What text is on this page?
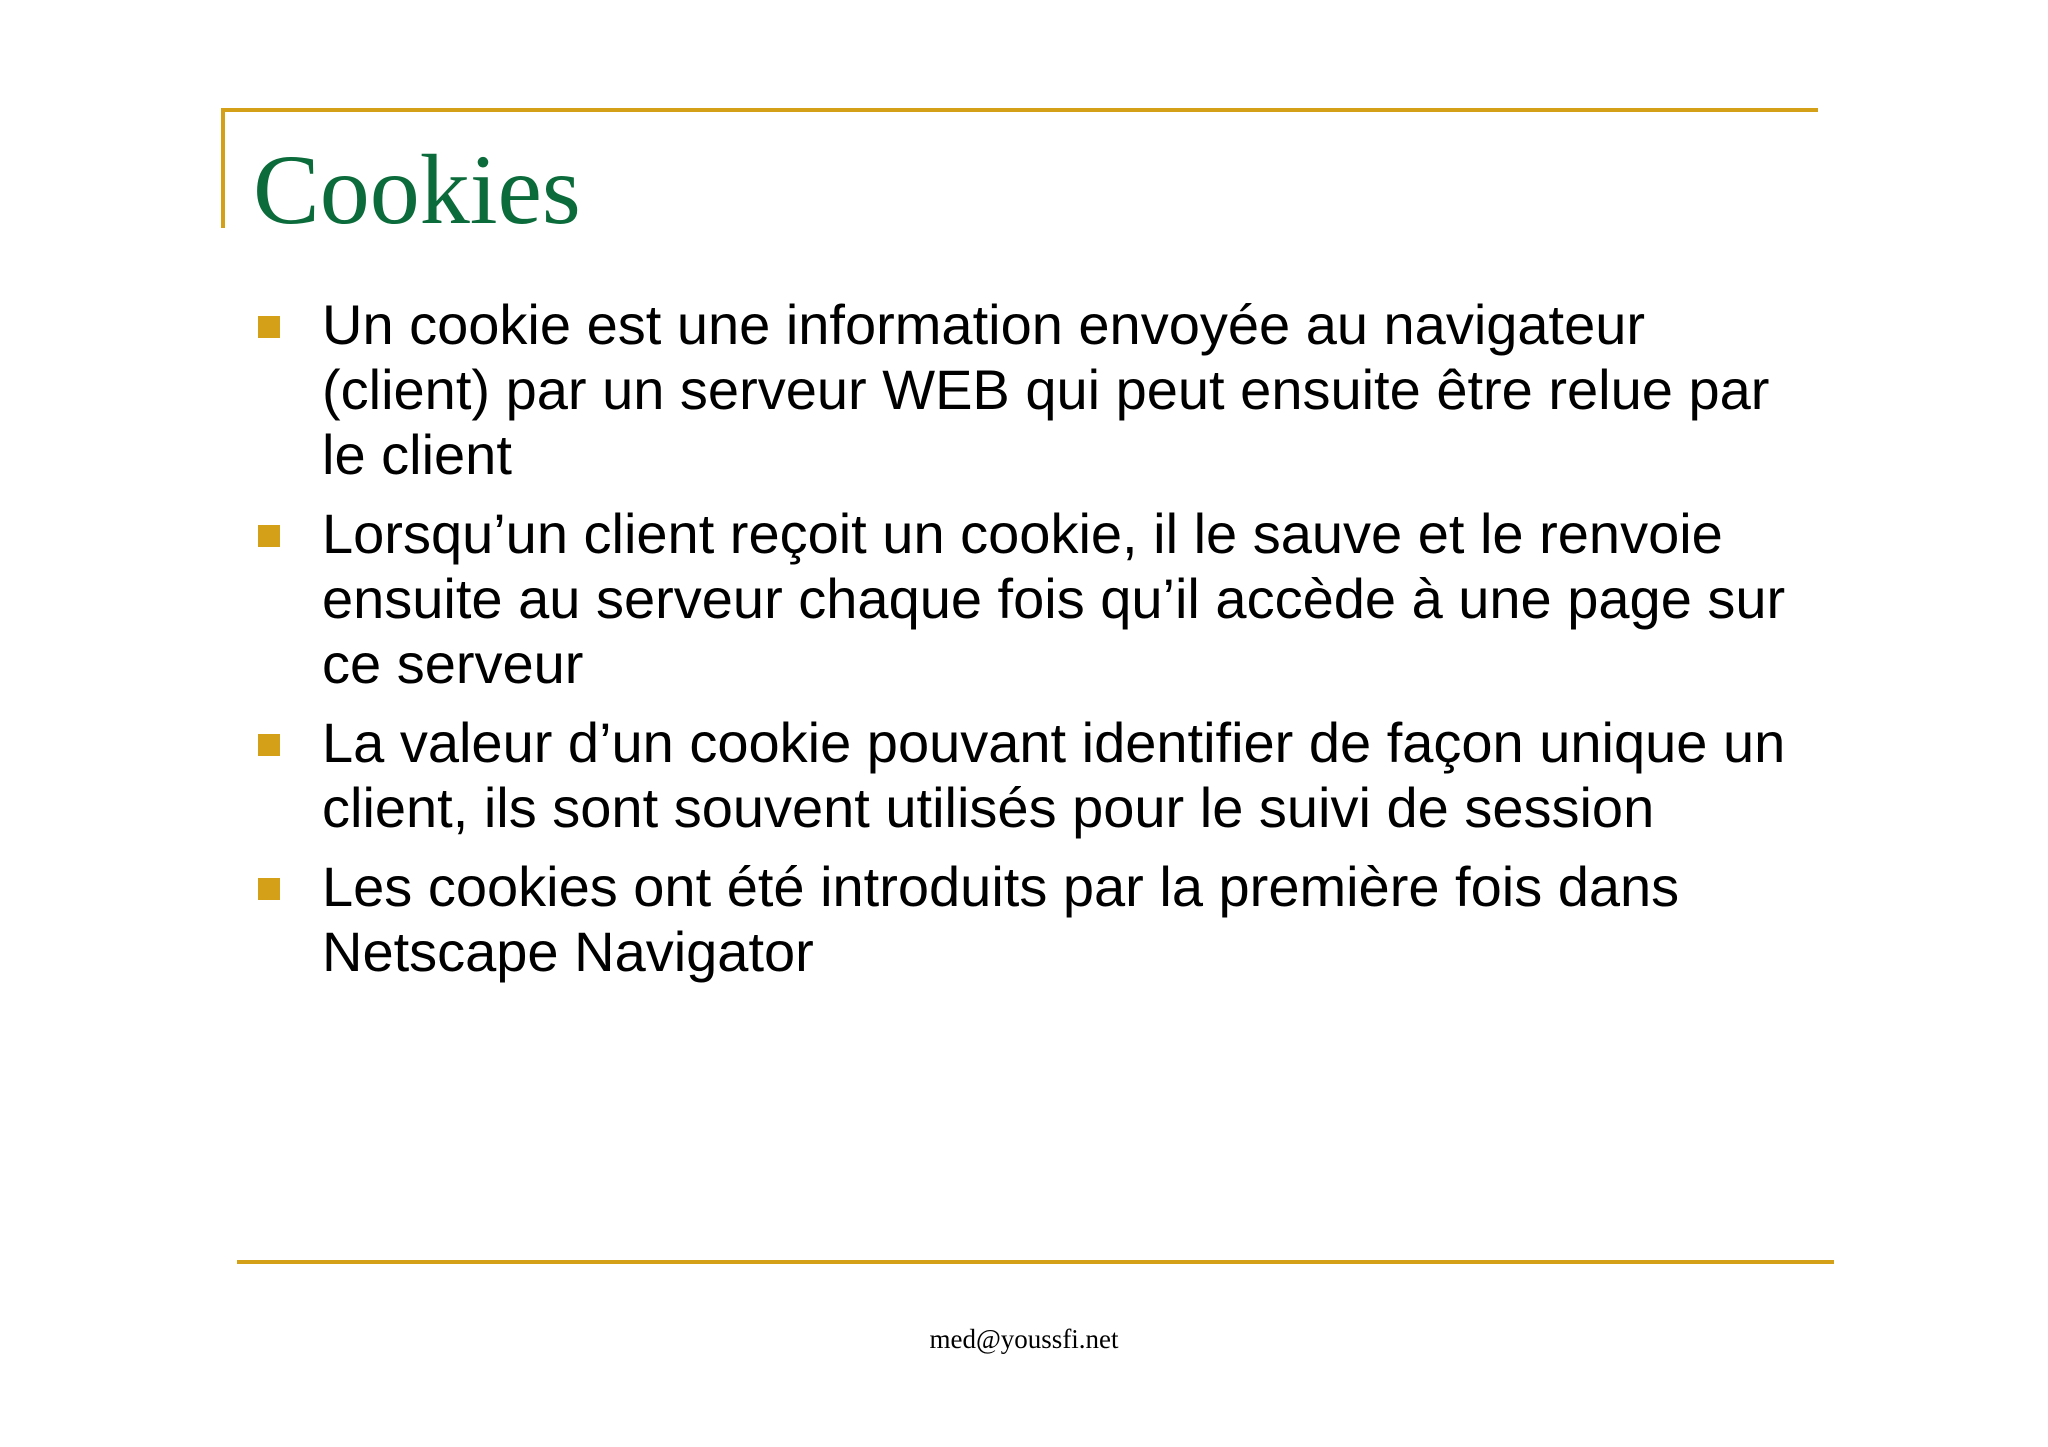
Cookies
Un cookie est une information envoyée au navigateur (client) par un serveur WEB qui peut ensuite être relue par le client
Lorsqu’un client reçoit un cookie, il le sauve et le renvoie ensuite au serveur chaque fois qu’il accède à une page sur ce serveur
La valeur d’un cookie pouvant identifier de façon unique un client, ils sont souvent utilisés pour le suivi de session
Les cookies ont été introduits par la première fois dans Netscape Navigator
med@youssfi.net
